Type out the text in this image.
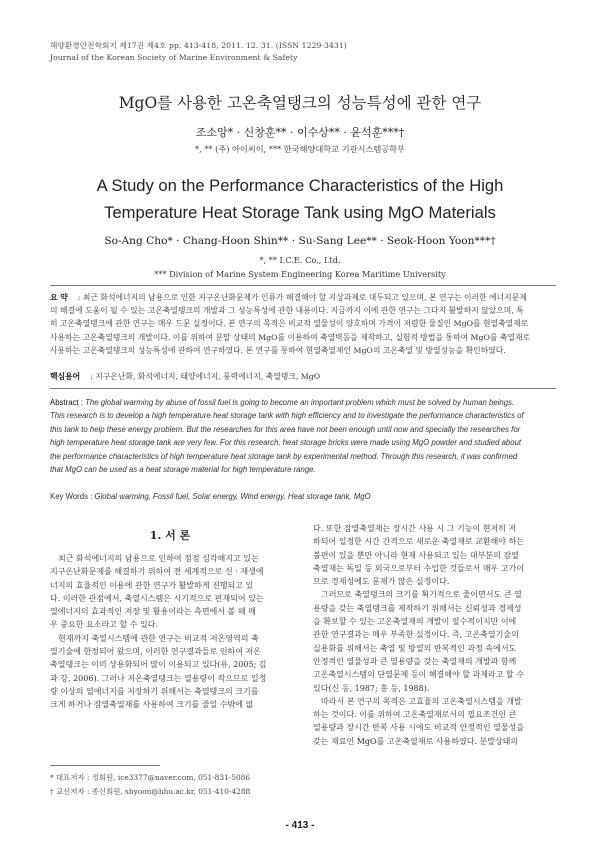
해양환경안전학회지 제17권 제4호 pp. 413-418, 2011. 12. 31. (ISSN 1229-3431)
Journal of the Korean Society of Marine Environment & Safety
MgO를 사용한 고온축열탱크의 성능특성에 관한 연구
조소앙* · 신창훈** · 이수상** · 윤석훈***†
*, ** (주) 아이씨이, *** 한국해양대학교 기관시스템공학부
A Study on the Performance Characteristics of the High
Temperature Heat Storage Tank using MgO Materials
So-Ang Cho* · Chang-Hoon Shin** · Su-Sang Lee** · Seok-Hoon Yoon***†
*, ** I.C.E. Co., Ltd.
*** Division of Marine System Engineering Korea Maritime University
요 약 : 최근 화석에너지의 남용으로 인한 지구온난화문제가 인류가 해결해야 할 지상과제로 대두되고 있으며, 본 연구는 이러한 에너지문제
의 해결에 도움이 될 수 있는 고온축열탱크의 개발과 그 성능특성에 관한 내용이다. 지금까지 이에 관한 연구는 그다지 활발하지 않았으며, 특
히 고온축열탱크에 관한 연구는 매우 드문 실정이다. 본 연구의 목적은 비교적 열물성이 양호하며 가격이 저렴한 물질인 MgO를 현열축열재로
사용하는 고온축열탱크의 개발이다. 이를 위하여 분말 상태의 MgO를 이용하여 축열벽돌을 제작하고, 실험적 방법을 통하여 MgO를 축열재로
사용하는 고온축열탱크의 성능특성에 관하여 연구하였다. 본 연구를 통하여 현열축열재인 MgO의 고온축열 및 방열성능을 확인하였다.
핵심용어 : 지구온난화, 화석에너지, 태양에너지, 풍력에너지, 축열탱크, MgO
Abstract : The global warming by abuse of fossil fuel is going to become an important problem which must be solved by human beings.
This research is to develop a high temperature heat storage tank with high efficiency and to investigate the performance characteristics of
this tank to help these energy problem. But the researches for this area have not been enough until now and specially the researches for
high temperature heat storage tank are very few. For this research, heat storage bricks were made using MgO powder and studied about
the performance characteristics of high temperature heat storage tank by experimental method. Through this research, it was confirmed
that MgO can be used as a heat storage material for high temperature range.
Key Words : Global warming, Fossil fuel, Solar energy, Wind energy, Heat storage tank, MgO
1. 서 론
최근 화석에너지의 남용으로 인하여 점점 심각해지고 있는
지구온난화문제를 해결하기 위하여 전 세계적으로 신 · 재생에
너지의 효율적인 이용에 관한 연구가 활발하게 진행되고 있
다. 이러한 관점에서, 축열시스템은 시기적으로 편재되어 있는
열에너지의 효과적인 저장 및 활용이라는 측면에서 볼 때 매
우 중요한 요소라고 할 수 있다.
현재까지 축열시스템에 관한 연구는 비교적 저온영역의 축
열기술에 한정되어 왔으며, 이러한 연구결과들로 인하여 저온
축열탱크는 이미 상용화되어 많이 이용되고 있다(유, 2005; 김
과 강, 2006). 그러나 저온축열탱크는 열용량이 작으므로 일정
량 이상의 열에너지를 저장하기 위해서는 축열탱크의 크기를
크게 하거나 잠열축열재를 사용하여 크기를 줄일 수밖에 없
다. 또한 잠열축열재는 장시간 사용 시 그 기능이 현저히 저
하되어 일정한 시간 간격으로 새로운 축열재로 교환해야 하는
불편이 있을 뿐만 아니라 현재 사용되고 있는 대부분의 잠열
축열재는 독일 등 외국으로부터 수입한 것들로서 매우 고가이
므로 경제성에도 문제가 많은 실정이다.
그러므로 축열탱크의 크기를 획기적으로 줄이면서도 큰 열
용량을 갖는 축열탱크를 제작하기 위해서는 신뢰성과 경제성
을 확보할 수 있는 고온축열재의 개발이 필수적이지만 이에
관한 연구결과는 매우 부족한 실정이다. 즉, 고온축열기술의
실용화를 위해서는 축열 및 방열의 반복적인 과정 속에서도
안정적인 열물성과 큰 열용량을 갖는 축열재의 개발과 함께
고온축열시스템의 단열문제 등이 해결해야 할 과제라고 할 수
있다(신 등, 1987; 홍 등, 1988).
따라서 본 연구의 목적은 고효율의 고온축열시스템을 개발
하는 것이다. 이를 위하여 고온축열재로서의 필요조건인 큰
열용량과 장시간 반복 사용 시에도 비교적 안정적인 열물성을
갖는 재료인 MgO를 고온축열재로 사용하였다. 분말상태의
* 대표저자 : 정회원, ice3377@naver.com, 051-831-5086
† 교신저자 : 종신회원, shyoon@hhu.ac.kr, 051-410-4288
- 413 -
